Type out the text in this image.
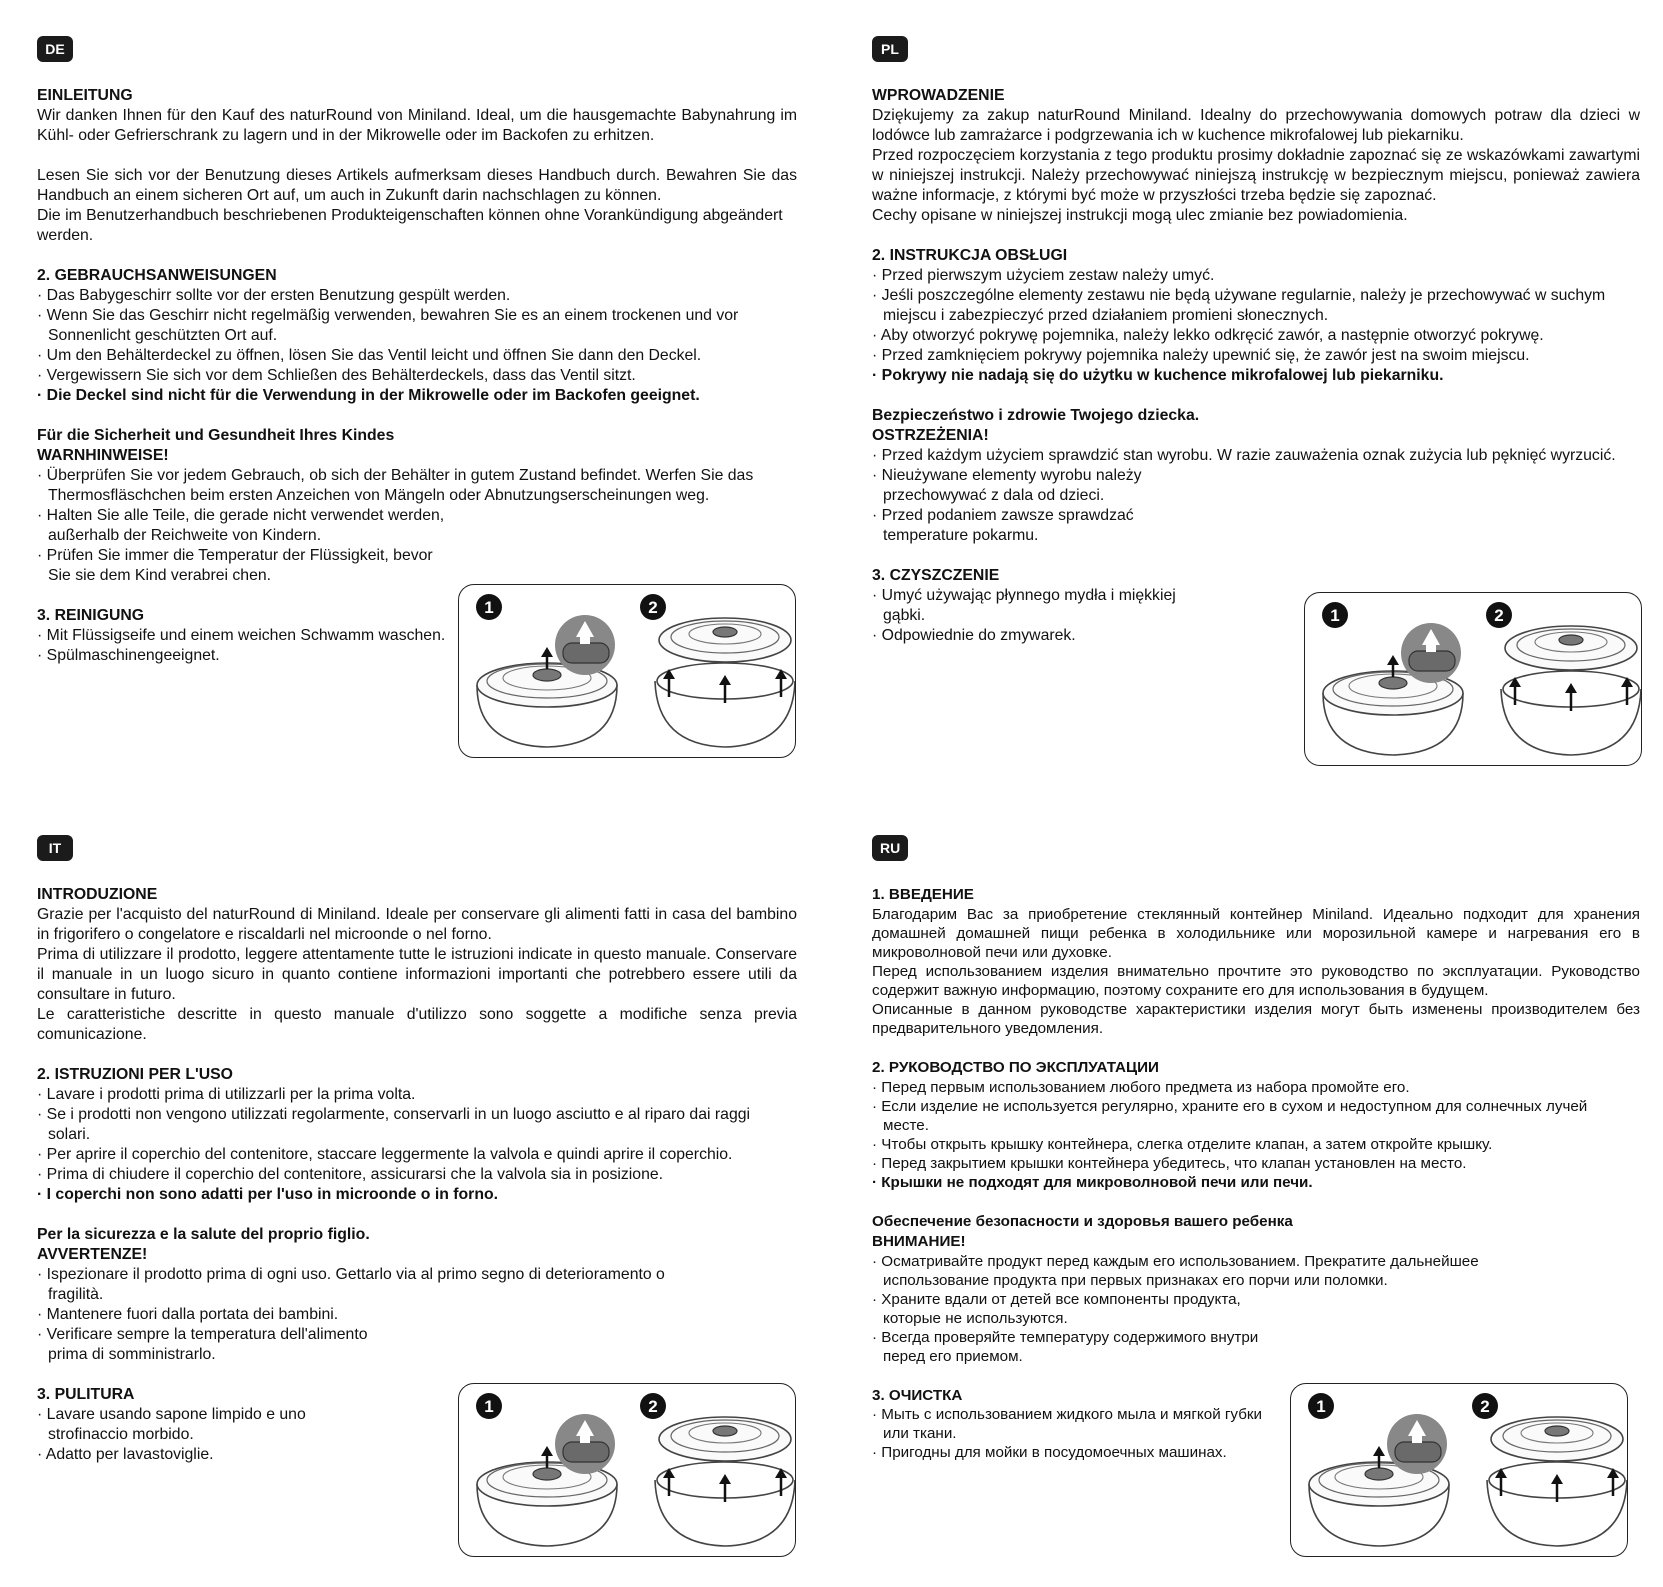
DE

EINLEITUNG

Wir danken Ihnen für den Kauf des naturRound von Miniland. Ideal, um die hausgemachte Babynahrung im Kühl- oder Gefrierschrank zu lagern und in der Mikrowelle oder im Backofen zu erhitzen.

Lesen Sie sich vor der Benutzung dieses Artikels aufmerksam dieses Handbuch durch. Bewahren Sie das Handbuch an einem sicheren Ort auf, um auch in Zukunft darin nachschlagen zu können.

Die im Benutzerhandbuch beschriebenen Produkteigenschaften können ohne Vorankündigung abgeändert werden.

2. GEBRAUCHSANWEISUNGEN

· Das Babygeschirr sollte vor der ersten Benutzung gespült werden.
· Wenn Sie das Geschirr nicht regelmäßig verwenden, bewahren Sie es an einem trockenen und vor Sonnenlicht geschützten Ort auf.
· Um den Behälterdeckel zu öffnen, lösen Sie das Ventil leicht und öffnen Sie dann den Deckel.
· Vergewissern Sie sich vor dem Schließen des Behälterdeckels, dass das Ventil sitzt.
· Die Deckel sind nicht für die Verwendung in der Mikrowelle oder im Backofen geeignet.

Für die Sicherheit und Gesundheit Ihres Kindes

WARNHINWEISE!

· Überprüfen Sie vor jedem Gebrauch, ob sich der Behälter in gutem Zustand befindet. Werfen Sie das Thermosfläschchen beim ersten Anzeichen von Mängeln oder Abnutzungserscheinungen weg.
· Halten Sie alle Teile, die gerade nicht verwendet werden, außerhalb der Reichweite von Kindern.
· Prüfen Sie immer die Temperatur der Flüssigkeit, bevor Sie sie dem Kind verabrei chen.

3. REINIGUNG

· Mit Flüssigseife und einem weichen Schwamm waschen.
· Spülmaschinengeeignet.
1	2
PL

WPROWADZENIE

Dziękujemy za zakup naturRound Miniland. Idealny do przechowywania domowych potraw dla dzieci w lodówce lub zamrażarce i podgrzewania ich w kuchence mikrofalowej lub piekarniku.

Przed rozpoczęciem korzystania z tego produktu prosimy dokładnie zapoznać się ze wskazówkami zawartymi w niniejszej instrukcji. Należy przechowywać niniejszą instrukcję w bezpiecznym miejscu, ponieważ zawiera ważne informacje, z którymi być może w przyszłości trzeba będzie się zapoznać.

Cechy opisane w niniejszej instrukcji mogą ulec zmianie bez powiadomienia.

2. INSTRUKCJA OBSŁUGI

· Przed pierwszym użyciem zestaw należy umyć.
· Jeśli poszczególne elementy zestawu nie będą używane regularnie, należy je przechowywać w suchym miejscu i zabezpieczyć przed działaniem promieni słonecznych.
· Aby otworzyć pokrywę pojemnika, należy lekko odkręcić zawór, a następnie otworzyć pokrywę.
· Przed zamknięciem pokrywy pojemnika należy upewnić się, że zawór jest na swoim miejscu.
· Pokrywy nie nadają się do użytku w kuchence mikrofalowej lub piekarniku.

Bezpieczeństwo i zdrowie Twojego dziecka.

OSTRZEŻENIA!

· Przed każdym użyciem sprawdzić stan wyrobu. W razie zauważenia oznak zużycia lub pęknięć wyrzucić.
· Nieużywane elementy wyrobu należy przechowywać z dala od dzieci.
· Przed podaniem zawsze sprawdzać temperature pokarmu.

3. CZYSZCZENIE

· Umyć używając płynnego mydła i miękkiej gąbki.
· Odpowiednie do zmywarek.
1	2
IT

INTRODUZIONE

Grazie per l'acquisto del naturRound di Miniland. Ideale per conservare gli alimenti fatti in casa del bambino in frigorifero o congelatore e riscaldarli nel microonde o nel forno.

Prima di utilizzare il prodotto, leggere attentamente tutte le istruzioni indicate in questo manuale. Conservare il manuale in un luogo sicuro in quanto contiene informazioni importanti che potrebbero essere utili da consultare in futuro.

Le caratteristiche descritte in questo manuale d'utilizzo sono soggette a modifiche senza previa comunicazione.

2. ISTRUZIONI PER L'USO

· Lavare i prodotti prima di utilizzarli per la prima volta.
· Se i prodotti non vengono utilizzati regolarmente, conservarli in un luogo asciutto e al riparo dai raggi solari.
· Per aprire il coperchio del contenitore, staccare leggermente la valvola e quindi aprire il coperchio.
· Prima di chiudere il coperchio del contenitore, assicurarsi che la valvola sia in posizione.
· I coperchi non sono adatti per l'uso in microonde o in forno.

Per la sicurezza e la salute del proprio figlio.

AVVERTENZE!

· Ispezionare il prodotto prima di ogni uso. Gettarlo via al primo segno di deterioramento o fragilità.
· Mantenere fuori dalla portata dei bambini.
· Verificare sempre la temperatura dell'alimento prima di somministrarlo.

3. PULITURA

· Lavare usando sapone limpido e uno strofinaccio morbido.
· Adatto per lavastoviglie.
1	2
RU

1. ВВЕДЕНИЕ

Благодарим Вас за приобретение стеклянный контейнер Miniland. Идеально подходит для хранения домашней домашней пищи ребенка в холодильнике или морозильной камере и нагревания его в микроволновой печи или духовке.

Перед использованием изделия внимательно прочтите это руководство по эксплуатации. Руководство содержит важную информацию, поэтому сохраните его для использования в будущем.

Описанные в данном руководстве характеристики изделия могут быть изменены производителем без предварительного уведомления.

2. РУКОВОДСТВО ПО ЭКСПЛУАТАЦИИ

· Перед первым использованием любого предмета из набора промойте его.
· Если изделие не используется регулярно, храните его в сухом и недоступном для солнечных лучей месте.
· Чтобы открыть крышку контейнера, слегка отделите клапан, а затем откройте крышку.
· Перед закрытием крышки контейнера убедитесь, что клапан установлен на место.
· Крышки не подходят для микроволновой печи или печи.

Обеспечение безопасности и здоровья вашего ребенка

ВНИМАНИЕ!

· Осматривайте продукт перед каждым его использованием. Прекратите дальнейшее использование продукта при первых признаках его порчи или поломки.
· Храните вдали от детей все компоненты продукта, которые не используются.
· Всегда проверяйте температуру содержимого внутри перед его приемом.

3. ОЧИСТКА

· Мыть с использованием жидкого мыла и мягкой губки или ткани.
· Пригодны для мойки в посудомоечных машинах.
1	2
